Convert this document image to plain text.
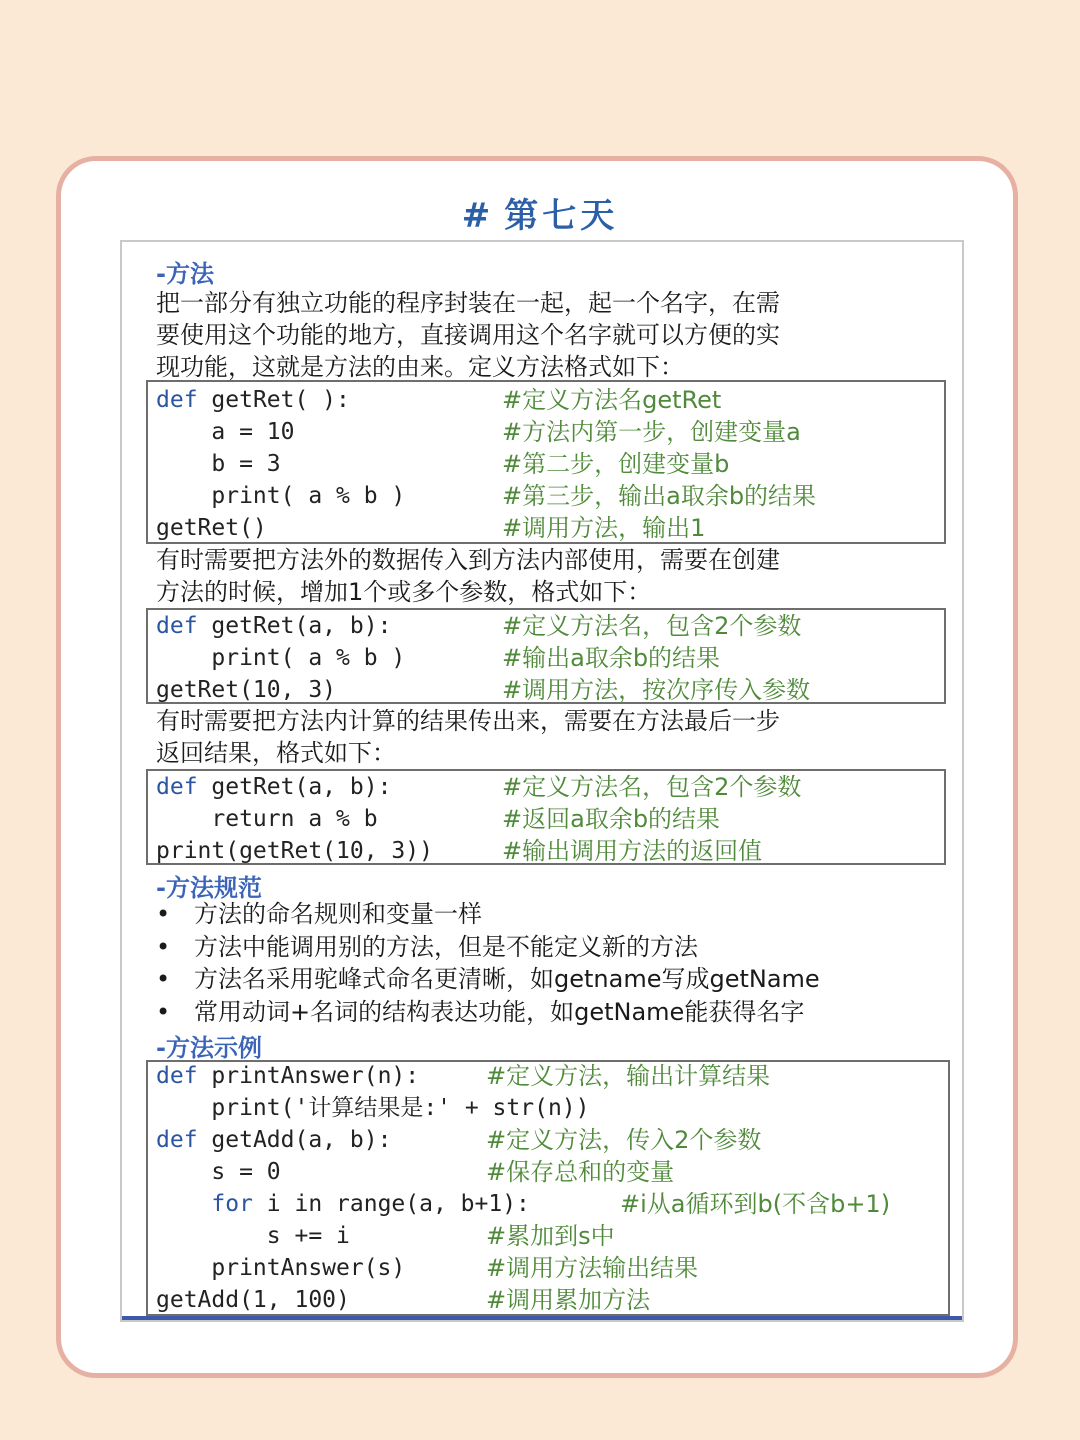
# 第七天
-方法
把一部分有独立功能的程序封装在一起，起一个名字，在需
要使用这个功能的地方，直接调用这个名字就可以方便的实
现功能，这就是方法的由来。定义方法格式如下：
def getRet( ):
a = 10
b = 3
print( a % b )
getRet()
#定义方法名getRet
#方法内第一步，创建变量a
#第二步，创建变量b
#第三步，输出a取余b的结果
#调用方法，输出1
有时需要把方法外的数据传入到方法内部使用，需要在创建
方法的时候，增加1个或多个参数，格式如下：
def getRet(a, b):
print( a % b )
getRet(10, 3)
#定义方法名，包含2个参数
#输出a取余b的结果
#调用方法，按次序传入参数
有时需要把方法内计算的结果传出来，需要在方法最后一步
返回结果，格式如下：
def getRet(a, b):
return a % b
print(getRet(10, 3))
#定义方法名，包含2个参数
#返回a取余b的结果
#输出调用方法的返回值
-方法规范
• 方法的命名规则和变量一样
• 方法中能调用别的方法，但是不能定义新的方法
• 方法名采用驼峰式命名更清晰，如getname写成getName
• 常用动词+名词的结构表达功能，如getName能获得名字
-方法示例
def printAnswer(n):
print('计算结果是:' + str(n))
def getAdd(a, b):
s = 0
for i in range(a, b+1):
s += i
printAnswer(s)
getAdd(1, 100)
#定义方法，输出计算结果
#定义方法，传入2个参数
#保存总和的变量
#i从a循环到b(不含b+1)
#累加到s中
#调用方法输出结果
#调用累加方法
